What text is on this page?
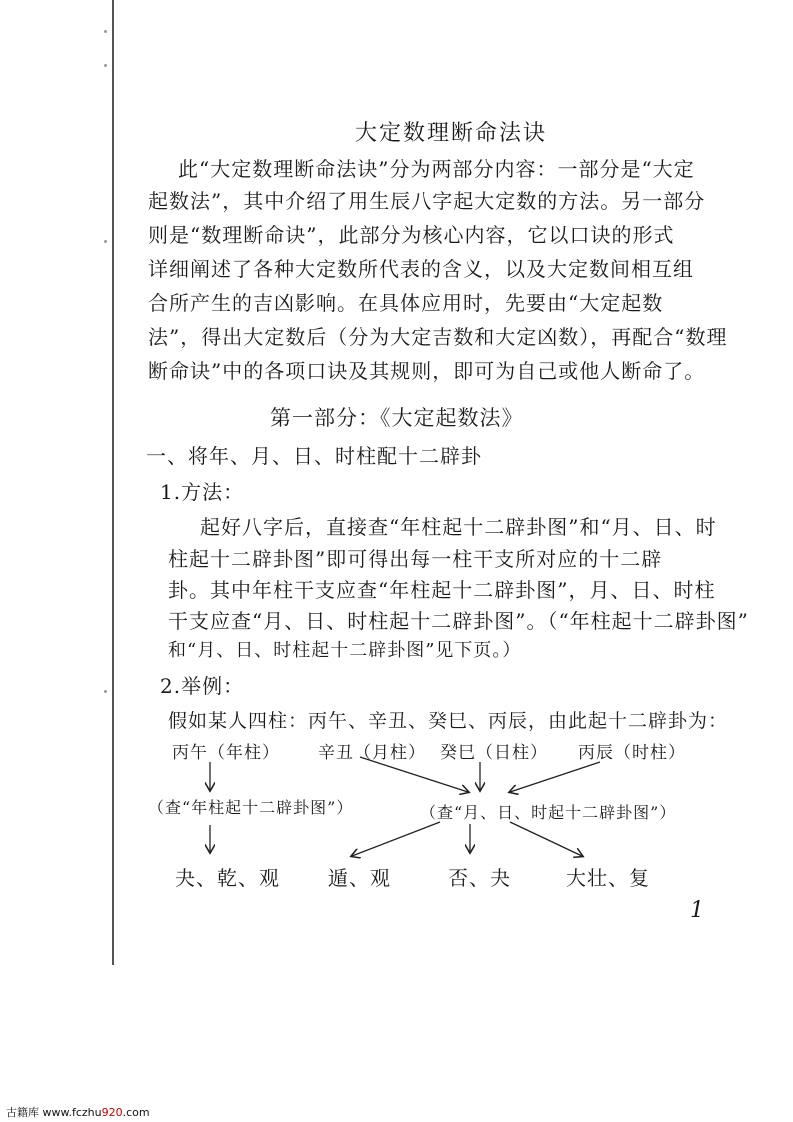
大定数理断命法诀
此“大定数理断命法诀”分为两部分内容：一部分是“大定
起数法”，其中介绍了用生辰八字起大定数的方法。另一部分
则是“数理断命诀”，此部分为核心内容，它以口诀的形式
详细阐述了各种大定数所代表的含义，以及大定数间相互组
合所产生的吉凶影响。在具体应用时，先要由“大定起数
法”，得出大定数后（分为大定吉数和大定凶数），再配合“数理
断命诀”中的各项口诀及其规则，即可为自己或他人断命了。
第一部分：《大定起数法》
一、将年、月、日、时柱配十二辟卦
1.方法：
起好八字后，直接查“年柱起十二辟卦图”和“月、日、时
柱起十二辟卦图”即可得出每一柱干支所对应的十二辟
卦。其中年柱干支应查“年柱起十二辟卦图”，月、日、时柱
干支应查“月、日、时柱起十二辟卦图”。（“年柱起十二辟卦图”
和“月、日、时柱起十二辟卦图”见下页。）
2.举例：
假如某人四柱：丙午、辛丑、癸巳、丙辰，由此起十二辟卦为：
丙午（年柱） 辛丑（月柱） 癸巳（日柱） 丙辰（时柱）
（查“年柱起十二辟卦图”）	（查“月、日、时起十二辟卦图”）
夬、乾、观 遁、观	否、夬	大壮、复
1
古籍库 www.fczhu920.com
